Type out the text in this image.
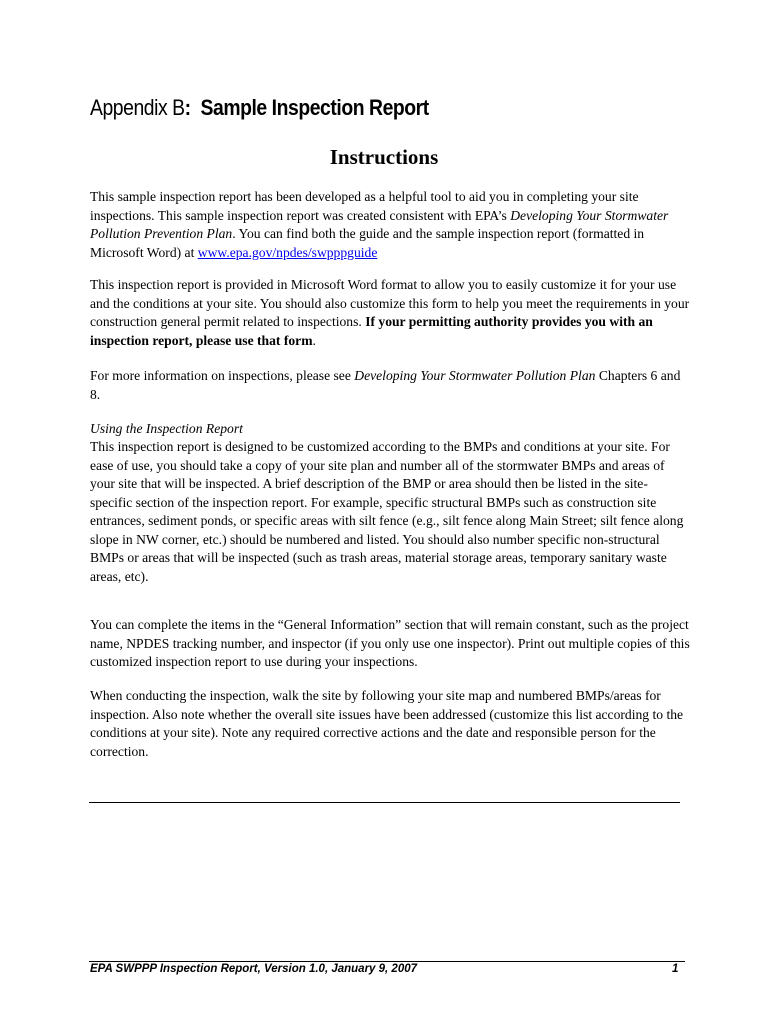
Appendix B: Sample Inspection Report
Instructions

This sample inspection report has been developed as a helpful tool to aid you in completing your site inspections. This sample inspection report was created consistent with EPA’s Developing Your Stormwater Pollution Prevention Plan. You can find both the guide and the sample inspection report (formatted in Microsoft Word) at www.epa.gov/npdes/swpppguide

This inspection report is provided in Microsoft Word format to allow you to easily customize it for your use and the conditions at your site. You should also customize this form to help you meet the requirements in your construction general permit related to inspections. If your permitting authority provides you with an inspection report, please use that form.

For more information on inspections, please see Developing Your Stormwater Pollution Plan Chapters 6 and 8.

Using the Inspection Report

This inspection report is designed to be customized according to the BMPs and conditions at your site. For ease of use, you should take a copy of your site plan and number all of the stormwater BMPs and areas of your site that will be inspected. A brief description of the BMP or area should then be listed in the site-specific section of the inspection report. For example, specific structural BMPs such as construction site entrances, sediment ponds, or specific areas with silt fence (e.g., silt fence along Main Street; silt fence along slope in NW corner, etc.) should be numbered and listed. You should also number specific non-structural BMPs or areas that will be inspected (such as trash areas, material storage areas, temporary sanitary waste areas, etc).

You can complete the items in the “General Information” section that will remain constant, such as the project name, NPDES tracking number, and inspector (if you only use one inspector). Print out multiple copies of this customized inspection report to use during your inspections.

When conducting the inspection, walk the site by following your site map and numbered BMPs/areas for inspection. Also note whether the overall site issues have been addressed (customize this list according to the conditions at your site). Note any required corrective actions and the date and responsible person for the correction.

EPA SWPPP Inspection Report, Version 1.0, January 9, 2007	1
